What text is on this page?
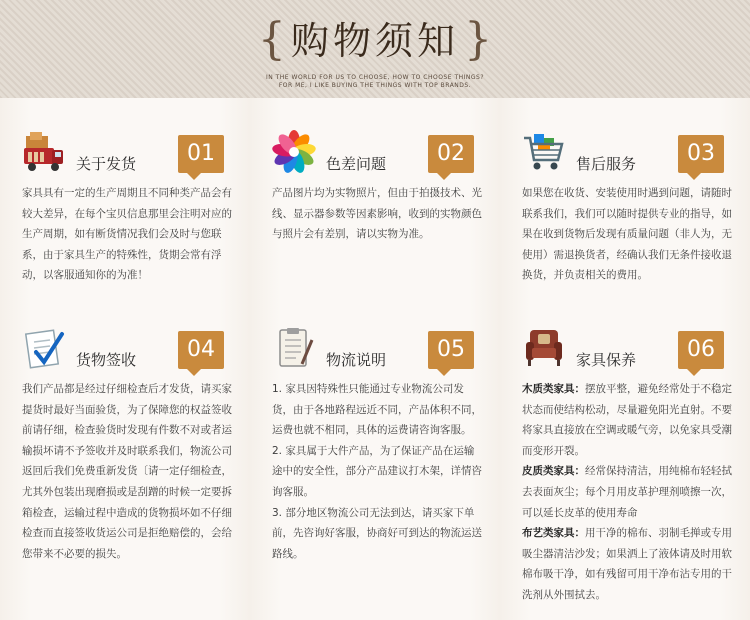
{ 购物须知 }
IN THE WORLD FOR US TO CHOOSE, HOW TO CHOOSE THINGS?
FOR ME, I LIKE BUYING THE THINGS WITH TOP BRANDS.
关于发货	01

家具具有一定的生产周期且不同种类产品会有较大差异，在每个宝贝信息那里会注明对应的生产周期，如有断货情况我们会及时与您联系，由于家具生产的特殊性，货期会常有浮动，以客服通知你的为准！

色差问题	02

产品图片均为实物照片，但由于拍摄技术、光线、显示器参数等因素影响，收到的实物颜色与照片会有差别，请以实物为准。

售后服务	03

如果您在收货、安装使用时遇到问题，请随时联系我们，我们可以随时提供专业的指导，如果在收到货物后发现有质量问题（非人为，无使用）需退换货者，经确认我们无条件接收退换货，并负责相关的费用。

货物签收	04

我们产品都是经过仔细检查后才发货，请买家提货时最好当面验货，为了保障您的权益签收前请仔细，检查验货时发现有件数不对或者运输损坏请不予签收并及时联系我们，物流公司返回后我们免费重新发货〔请一定仔细检查，尤其外包装出现磨损或是刮蹭的时候一定要拆箱检查，运输过程中造成的货物损坏如不仔细检查而直接签收货运公司是拒绝赔偿的，会给您带来不必要的损失。

物流说明	05

1. 家具因特殊性只能通过专业物流公司发货，由于各地路程远近不同，产品体积不同，运费也就不相同，具体的运费请咨询客服。

2. 家具属于大件产品，为了保证产品在运输途中的安全性，部分产品建议打木架，详情咨询客服。

3. 部分地区物流公司无法到达，请买家下单前，先咨询好客服，协商好可到达的物流运送路线。

家具保养	06

木质类家具：摆放平整，避免经常处于不稳定状态而使结构松动，尽量避免阳光直射。不要将家具直接放在空调或暖气旁，以免家具受潮而变形开裂。

皮质类家具：经常保持清洁，用纯棉布轻轻拭去表面灰尘；每个月用皮革护理剂喷擦一次，可以延长皮革的使用寿命

布艺类家具：用干净的棉布、羽制毛掸或专用吸尘器清洁沙发；如果洒上了液体请及时用软棉布吸干净，如有残留可用干净布沾专用的干洗剂从外围拭去。
